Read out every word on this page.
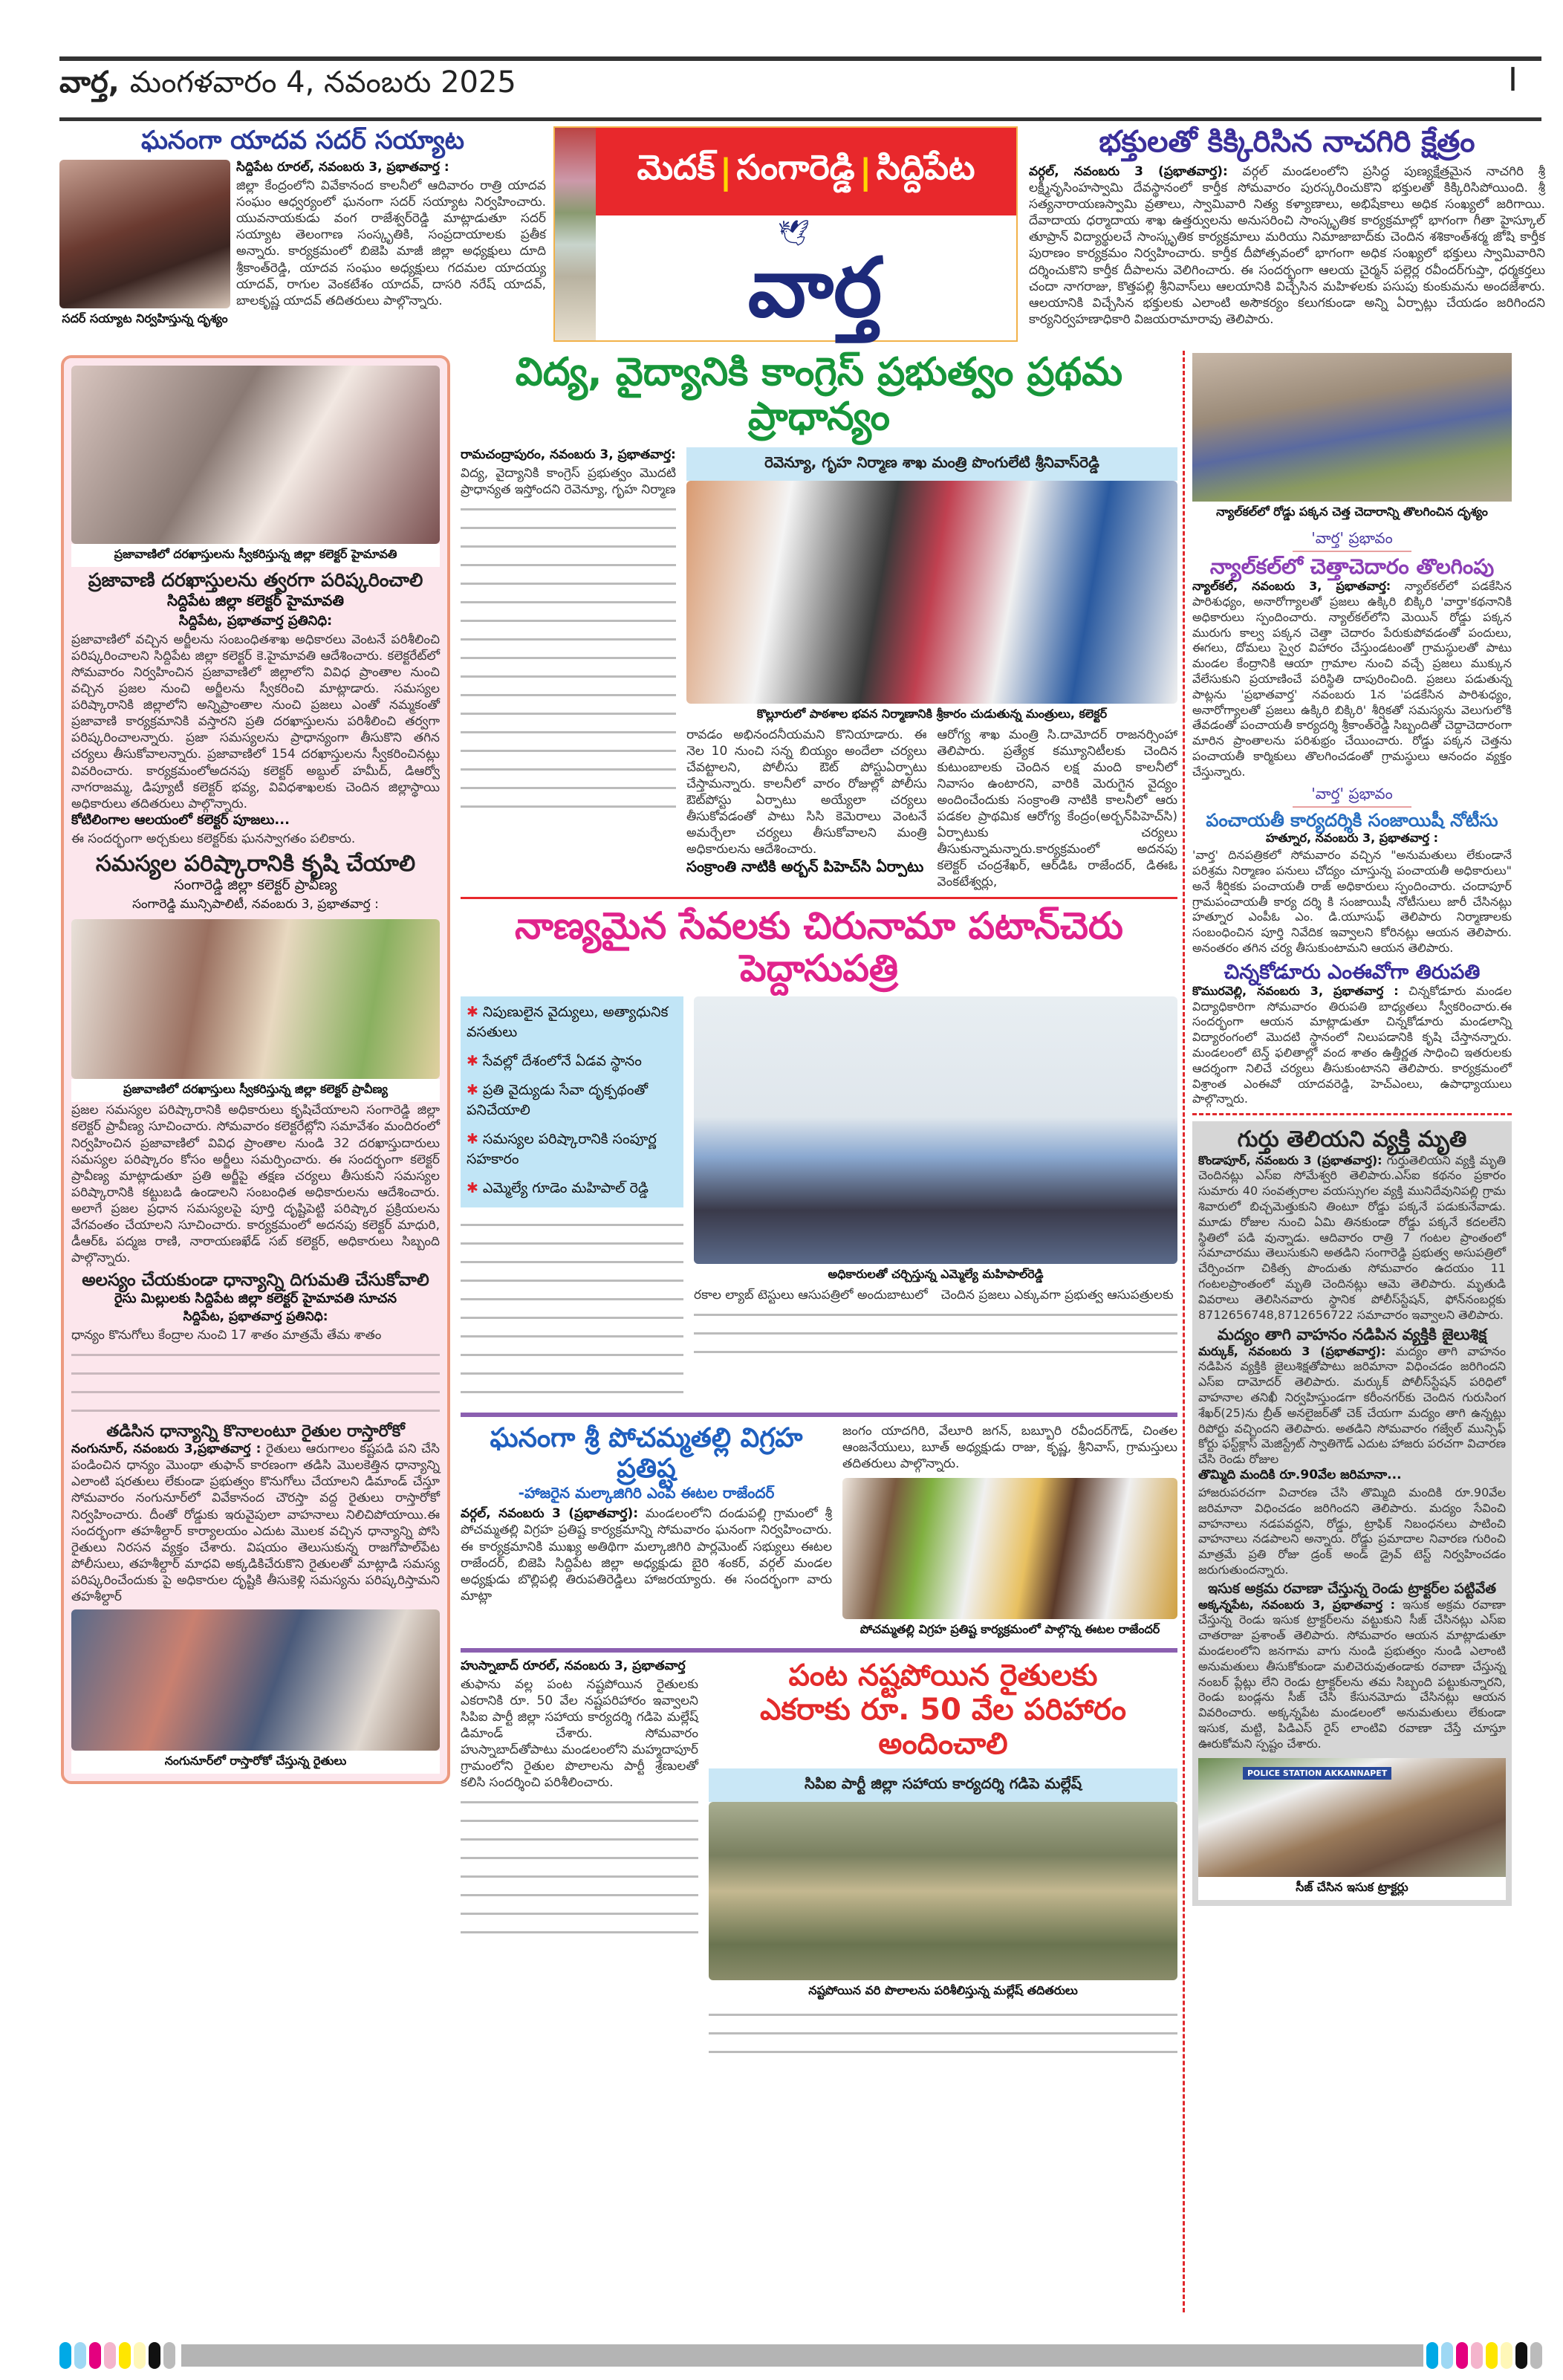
వార్త, మంగళవారం 4, నవంబరు 2025	I
ఘనంగా యాదవ సదర్ సయ్యాట
సదర్ సయ్యాట నిర్వహిస్తున్న దృశ్యం
సిద్దిపేట రూరల్, నవంబరు 3, ప్రభాతవార్త :
జిల్లా కేంద్రంలోని వివేకానంద కాలనీలో ఆదివారం రాత్రి యాదవ సంఘం ఆధ్వర్యంలో ఘనంగా సదర్ సయ్యాట నిర్వహించారు. యువనాయకుడు వంగ రాజేశ్వర్‌రెడ్డి మాట్లాడుతూ సదర్ సయ్యాట తెలంగాణ సంస్కృతికి, సంప్రదాయాలకు ప్రతీక అన్నారు. కార్యక్రమంలో బిజెపి మాజీ జిల్లా అధ్యక్షులు దూది శ్రీకాంత్‌రెడ్డి, యాదవ సంఘం అధ్యక్షులు గదమల యాదయ్య యాదవ్, రాగుల వెంకటేశం యాదవ్, దాసరి నరేష్ యాదవ్, బాలకృష్ణ యాదవ్ తదితరులు పాల్గొన్నారు.
మెదక్ | సంగారెడ్డి | సిద్దిపేట
🕊
వార్త
భక్తులతో కిక్కిరిసిన నాచగిరి క్షేత్రం
వర్గల్, నవంబరు 3 (ప్రభాతవార్త): వర్గల్ మండలంలోని ప్రసిద్ధ పుణ్యక్షేత్రమైన నాచగిరి శ్రీ లక్ష్మీనృసింహస్వామి దేవస్థానంలో కార్తీక సోమవారం పురస్కరించుకొని భక్తులతో కిక్కిరిసిపోయింది. శ్రీ సత్యనారాయణస్వామి వ్రతాలు, స్వామివారి నిత్య కళ్యాణాలు, అభిషేకాలు అధిక సంఖ్యలో జరిగాయి. దేవాదాయ ధర్మాదాయ శాఖ ఉత్తర్వులను అనుసరించి సాంస్కృతిక కార్యక్రమాల్లో భాగంగా గీతా హైస్కూల్ తూప్రాన్ విద్యార్థులచే సాంస్కృతిక కార్యక్రమాలు మరియు నిమాజాబాద్‌కు చెందిన శశికాంత్‌శర్మ జోషి కార్తీక పురాణం కార్యక్రమం నిర్వహించారు. కార్తీక దీపోత్సవంలో భాగంగా అధిక సంఖ్యలో భక్తులు స్వామివారిని దర్శించుకొని కార్తీక దీపాలను వెలిగించారు. ఈ సందర్భంగా ఆలయ చైర్మన్ పల్లెర్ల రవీందర్‌గుప్తా, ధర్మకర్తలు చందా నాగరాజు, కొత్తపల్లి శ్రీనివాస్‌లు ఆలయానికి విచ్చేసిన మహిళలకు పసుపు కుంకుమను అందజేశారు. ఆలయానికి విచ్చేసిన భక్తులకు ఎలాంటి అసౌకర్యం కలుగకుండా అన్ని ఏర్పాట్లు చేయడం జరిగిందని కార్యనిర్వహణాధికారి విజయరామారావు తెలిపారు.
ప్రజావాణిలో దరఖాస్తులను స్వీకరిస్తున్న జిల్లా కలెక్టర్ హైమావతి
ప్రజావాణి దరఖాస్తులను త్వరగా పరిష్కరించాలి
సిద్దిపేట జిల్లా కలెక్టర్ హైమావతి
సిద్దిపేట, ప్రభాతవార్త ప్రతినిధి:
ప్రజావాణిలో వచ్చిన అర్జీలను సంబంధితశాఖ అధికారలు వెంటనే పరిశీలించి పరిష్కరించాలని సిద్దిపేట జిల్లా కలెక్టర్ కె.హైమావతి ఆదేశించారు. కలెక్టరేట్‌లో సోమవారం నిర్వహించిన ప్రజావాణిలో జిల్లాలోని వివిధ ప్రాంతాల నుంచి వచ్చిన ప్రజల నుంచి అర్జీలను స్వీకరించి మాట్లాడారు. సమస్యల పరిష్కారానికి జిల్లాలోని అన్నిప్రాంతాల నుంచి ప్రజలు ఎంతో నమ్మకంతో ప్రజావాణి కార్యక్రమానికి వస్తారని ప్రతి దరఖాస్తులను పరిశీలించి తర్వగా పరిష్కరించాలన్నారు. ప్రజా సమస్యలను ప్రాధాన్యంగా తీసుకొని తగిన చర్యలు తీసుకోవాలన్నారు. ప్రజావాణిలో 154 దరఖాస్తులను స్వీకరించినట్లు వివరించారు. కార్యక్రమంలోఅదనపు కలెక్టర్ అబ్దుల్ హమీద్, డిఆర్వో నాగరాజమ్మ, డిప్యూటీ కలెక్టర్ భవ్య, వివిధశాఖలకు చెందిన జిల్లాస్థాయి అధికారులు తదితరులు పాల్గొన్నారు.
కోటిలింగాల ఆలయంలో కలెక్టర్ పూజలు...
ఈ సందర్భంగా అర్చకులు కలెక్టర్‌కు ఘనస్వాగతం పలికారు.
సమస్యల పరిష్కారానికి కృషి చేయాలి
సంగారెడ్డి జిల్లా కలెక్టర్ ప్రావీణ్య
సంగారెడ్డి మున్సిపాలిటీ, నవంబరు 3, ప్రభాతవార్త :
ప్రజావాణిలో దరఖాస్తులు స్వీకరిస్తున్న జిల్లా కలెక్టర్ ప్రావీణ్య
ప్రజల సమస్యల పరిష్కారానికి అధికారులు కృషిచేయాలని సంగారెడ్డి జిల్లా కలెక్టర్ ప్రావీణ్య సూచించారు. సోమవారం కలెక్టరేట్లోని సమావేశం మందిరంలో నిర్వహించిన ప్రజావాణిలో వివిధ ప్రాంతాల నుండి 32 దరఖాస్తుదారులు సమస్యల పరిష్కారం కోసం అర్జీలు సమర్పించారు. ఈ సందర్భంగా కలెక్టర్ ప్రావీణ్య మాట్లాడుతూ ప్రతి అర్జీపై తక్షణ చర్యలు తీసుకుని సమస్యల పరిష్కారానికి కట్టుబడి ఉండాలని సంబంధిత అధికారులను ఆదేశించారు. అలాగే ప్రజల ప్రధాన సమస్యలపై పూర్తి దృష్టిపెట్టి పరిష్కార ప్రక్రియలను వేగవంతం చేయాలని సూచించారు. కార్యక్రమంలో అదనపు కలెక్టర్ మాధురి, డీఆర్‌ఓ పద్మజ రాణి, నారాయణఖేడ్ సబ్ కలెక్టర్, అధికారులు సిబ్బంది పాల్గొన్నారు.
అలస్యం చేయకుండా ధాన్యాన్ని దిగుమతి చేసుకోవాలి
రైసు మిల్లులకు సిద్దిపేట జిల్లా కలెక్టర్ హైమావతి సూచన
సిద్దిపేట, ప్రభాతవార్త ప్రతినిధి:
ధాన్యం కొనుగోలు కేంద్రాల నుంచి 17 శాతం మాత్రమే తేమ శాతం
తడిసిన ధాన్యాన్ని కొనాలంటూ రైతుల రాస్తారోకో
నంగునూర్, నవంబరు 3,ప్రభాతవార్త : రైతులు ఆరుగాలం కష్టపడి పని చేసి పండించిన ధాన్యం మొంథా తుఫాన్ కారణంగా తడిసి మొలకెత్తిన ధాన్యాన్ని ఎలాంటి షరతులు లేకుండా ప్రభుత్వం కొనుగోలు చేయాలని డిమాండ్ చేస్తూ సోమవారం నంగునూర్‌లో వివేకానంద చౌరస్తా వద్ద రైతులు రాస్తారోకో నిర్వహించారు. దీంతో రోడ్డుకు ఇరువైపులా వాహనాలు నిలిచిపోయాయి.ఈ సందర్భంగా తహశీల్దార్ కార్యాలయం ఎదుట మొలక వచ్చిన ధాన్యాన్ని పోసి రైతులు నిరసన వ్యక్తం చేశారు. విషయం తెలుసుకున్న రాజగోపాల్‌పేట పోలీసులు, తహశీల్దార్ మాధవి అక్కడికిచేరుకొని రైతులతో మాట్లాడి సమస్య పరిష్కరించేందుకు పై అధికారుల దృష్టికి తీసుకెళ్లి సమస్యను పరిష్కరిస్తామని తహశీల్దార్
నంగునూర్‌లో రాస్తారోకో చేస్తున్న రైతులు
విద్య, వైద్యానికి కాంగ్రెస్ ప్రభుత్వం ప్రథమ ప్రాధాన్యం
రామచంద్రాపురం, నవంబరు 3, ప్రభాతవార్త:
విద్య, వైద్యానికి కాంగ్రెస్ ప్రభుత్వం మొదటి ప్రాధాన్యత ఇస్తోందని రెవెన్యూ, గృహ నిర్మాణ
రెవెన్యూ, గృహ నిర్మాణ శాఖ మంత్రి పొంగులేటి శ్రీనివాస్‌రెడ్డి
కొల్లూరులో పాఠశాల భవన నిర్మాణానికి శ్రీకారం చుడుతున్న మంత్రులు, కలెక్టర్
రావడం అభినందనీయమని కొనియాడారు. ఈ నెల 10 నుంచి సన్న బియ్యం అందేలా చర్యలు చేవట్టాలని, పోలీసు ఔట్ పోస్టుఏర్పాటు చేస్తామన్నారు. కాలనీలో వారం రోజుల్లో పోలీసు ఔట్‌పోస్టు ఏర్పాటు అయ్యేలా చర్యలు తీసుకోవడంతో పాటు సిసి కెమెరాలు వెంటనే అమర్చేలా చర్యలు తీసుకోవాలని మంత్రి అధికారులను ఆదేశించారు.
సంక్రాంతి నాటికి అర్బన్ పిహెచ్‌సి ఏర్పాటు
ఆరోగ్య శాఖ మంత్రి సి.దామోదర్ రాజనర్సింహా తెలిపారు. ప్రత్యేక కమ్యూనిటీలకు చెందిన కుటుంబాలకు చెందిన లక్ష మంది కాలనీలో నివాసం ఉంటారని, వారికి మెరుగైన వైద్యం అందించేందుకు సంక్రాంతి నాటికి కాలనీలో ఆరు పడకల ప్రాథమిక ఆరోగ్య కేంద్రం(అర్బన్‌పిహెచ్‌సి) ఏర్పాటుకు చర్యలు తీసుకున్నామన్నారు.కార్యక్రమంలో అదనపు కలెక్టర్ చంద్రశేఖర్, ఆర్‌డిఓ రాజేందర్, డిఈఓ వెంకటేశ్వర్లు,
నాణ్యమైన సేవలకు చిరునామా పటాన్‌చెరు పెద్దాసుపత్రి
✱ నిపుణులైన వైద్యులు, అత్యాధునిక వసతులు
✱ సేవల్లో దేశంలోనే ఏడవ స్థానం
✱ ప్రతి వైద్యుడు సేవా దృక్పథంతో పనిచేయాలి
✱ సమస్యల పరిష్కారానికి సంపూర్ణ సహకారం
✱ ఎమ్మెల్యే గూడెం మహిపాల్ రెడ్డి
అధికారులతో చర్చిస్తున్న ఎమ్మెల్యే మహిపాల్‌రెడ్డి
రకాల ల్యాబ్ టెస్టులు ఆసుపత్రిలో అందుబాటులో చెందిన ప్రజలు ఎక్కువగా ప్రభుత్వ ఆసుపత్రులకు
ఘనంగా శ్రీ పోచమ్మతల్లి విగ్రహ ప్రతిష్ట
-హాజరైన మల్కాజిగిరి ఎంపి ఈటల రాజేందర్
వర్గల్, నవంబరు 3 (ప్రభాతవార్త): మండలంలోని దండుపల్లి గ్రామంలో శ్రీ పోచమ్మతల్లి విగ్రహ ప్రతిష్ట కార్యక్రమాన్ని సోమవారం ఘనంగా నిర్వహించారు. ఈ కార్యక్రమానికి ముఖ్య అతిథిగా మల్కాజిగిరి పార్లమెంట్ సభ్యులు ఈటల రాజేందర్, బిజెపి సిద్దిపేట జిల్లా అధ్యక్షుడు బైరి శంకర్, వర్గల్ మండల అధ్యక్షుడు బొల్లిపల్లి తిరుపతిరెడ్డిలు హాజరయ్యారు. ఈ సందర్భంగా వారు మాట్లా
జంగం యాదగిరి, వేలూరి జగన్, బబ్బూరి రవీందర్‌గౌడ్, చింతల ఆంజనేయులు, బూత్ అధ్యక్షుడు రాజు, కృష్ణ, శ్రీనివాస్, గ్రామస్తులు తదితరులు పాల్గొన్నారు.
పోచమ్మతల్లి విగ్రహ ప్రతిష్ట కార్యక్రమంలో పాల్గొన్న ఈటల రాజేందర్
హుస్నాబాద్ రూరల్, నవంబరు 3, ప్రభాతవార్త
తుఫాను వల్ల పంట నష్టపోయిన రైతులకు ఎకరానికి రూ. 50 వేల నష్టపరిహారం ఇవ్వాలని సిపిఐ పార్టీ జిల్లా సహాయ కార్యదర్శి గడిపె మల్లేష్ డిమాండ్ చేశారు. సోమవారం హుస్నాబాద్‌తోపాటు మండలంలోని మహ్మదాపూర్ గ్రామంలోని రైతుల పొలాలను పార్టీ శ్రేణులతో కలిసి సందర్శించి పరిశీలించారు.
పంట నష్టపోయిన రైతులకు
ఎకరాకు రూ. 50 వేల పరిహారం అందించాలి
సిపిఐ పార్టీ జిల్లా సహాయ కార్యదర్శి గడిపె మల్లేష్
నష్టపోయిన వరి పొలాలను పరిశీలిస్తున్న మల్లేష్ తదితరులు
న్యాల్‌కల్‌లో రోడ్డు పక్కన చెత్త చెదారాన్ని తొలగించిన దృశ్యం
'వార్త' ప్రభావం
న్యాల్‌కల్‌లో చెత్తాచెదారం తొలగింపు
న్యాల్‌కల్, నవంబరు 3, ప్రభాతవార్త: న్యాల్‌కల్‌లో పడకేసిన పారిశుధ్యం, అనారోగ్యాలతో ప్రజలు ఉక్కిరి బిక్కిరి 'వార్తా'కథనానికి అధికారులు స్పందించారు. న్యాల్‌కల్‌లోని మెయిన్ రోడ్డు పక్కన మురుగు కాల్వ పక్కన చెత్తా చెదారం పేరుకుపోవడంతో పందులు, ఈగలు, దోమలు స్వైర విహారం చేస్తుండటంతో గ్రామస్థులతో పాటు మండల కేంద్రానికి ఆయా గ్రామాల నుంచి వచ్చే ప్రజలు ముక్కున వేలేసుకుని ప్రయాణించే పరిస్థితి దాపురించింది. ప్రజలు పడుతున్న పాట్లను 'ప్రభాతవార్త' నవంబరు 1న 'పడకేసిన పారిశుధ్యం, అనారోగ్యాలతో ప్రజలు ఉక్కిరి బిక్కిరి' శీర్షికతో సమస్యను వెలుగులోకి తేవడంతో పంచాయతీ కార్యదర్శి శ్రీకాంత్‌రెడ్డి సిబ్బందితో చెద్దాచెదారంగా మారిన ప్రాంతాలను పరిశుభ్రం చేయించారు. రోడ్డు పక్కన చెత్తను పంచాయతీ కార్మికులు తొలగించడంతో గ్రామస్థులు ఆనందం వ్యక్తం చేస్తున్నారు.
'వార్త' ప్రభావం
పంచాయతీ కార్యదర్శికి సంజాయిషీ నోటీసు
హత్నూర, నవంబరు 3, ప్రభాతవార్త :
'వార్త' దినపత్రికలో సోమవారం వచ్చిన "అనుమతులు లేకుండానే పరిశ్రమ నిర్మాణం పనులు చోద్యం చూస్తున్న పంచాయతీ అధికారులు" అనే శీర్షికకు పంచాయతీ రాజ్ అధికారులు స్పందించారు. చందాపూర్ గ్రామపంచాయతీ కార్య దర్శి కి సంజాయిషీ నోటీసులు జారీ చేసినట్లు హత్నూర ఎంపీఓ ఎం. డి.యూసుఫ్ తెలిపారు నిర్మాణాలకు సంబంధించిన పూర్తి నివేదిక ఇవ్వాలని కోరినట్లు ఆయన తెలిపారు. అనంతరం తగిన చర్య తీసుకుంటామని ఆయన తెలిపారు.
చిన్నకోడూరు ఎంఈవోగా తిరుపతి
కొమురవెల్లి, నవంబరు 3, ప్రభాతవార్త : చిన్నకోడూరు మండల విద్యాధికారిగా సోమవారం తిరుపతి బాధ్యతలు స్వీకరించారు.ఈ సందర్భంగా ఆయన మాట్లాడుతూ చిన్నకోడూరు మండలాన్ని విద్యారంగంలో మొదటి స్థానంలో నిలుపడానికి కృషి చేస్తానన్నారు. మండలంలో టెన్త్ ఫలితాల్లో వంద శాతం ఉత్తీర్ణత సాధించి ఇతరులకు ఆదర్శంగా నిలిచే చర్యలు తీసుకుంటానని తెలిపారు. కార్యక్రమంలో విశ్రాంత ఎంఈవో యాదవరెడ్డి, హెచ్‌ఎంలు, ఉపాధ్యాయులు పాల్గొన్నారు.
గుర్తు తెలియని వ్యక్తి మృతి
కొండాపూర్, నవంబరు 3 (ప్రభాతవార్త): గుర్తుతెలియని వ్యక్తి మృతి చెందినట్లు ఎస్‌ఐ సోమేశ్వరి తెలిపారు.ఎస్‌ఐ కథనం ప్రకారం సుమారు 40 సంవత్సరాల వయస్సుగల వ్యక్తి మునిదేవునిపల్లి గ్రామ శివారులో బిచ్చమెత్తుకుని తింటూ రోడ్డు పక్కనే పడుకునేవాడు. మూడు రోజుల నుంచి ఏమి తినకుండా రోడ్డు పక్కనే కదలలేని స్థితిలో పడి వున్నాడు. ఆదివారం రాత్రి 7 గంటల ప్రాంతంలో సమాచారము తెలుసుకుని అతడిని సంగారెడ్డి ప్రభుత్వ అసుపత్రిలో చేర్పించగా చికిత్స పొందుతు సోమవారం ఉదయం 11 గంటలప్రాంతంలో మృతి చెందినట్లు ఆమె తెలిపారు. మృతుడి వివరాలు తెలిసినవారు స్థానిక పోలీస్‌స్టేషన్, ఫోన్‌నంబర్లకు 8712656748,8712656722 సమాచారం ఇవ్వాలని తెలిపారు.
మద్యం తాగి వాహనం నడిపిన వ్యక్తికి జైలుశిక్ష
మర్కుక్, నవంబరు 3 (ప్రభాతవార్త): మద్యం తాగి వాహనం నడిపిన వ్యక్తికి జైలుశిక్షతోపాటు జరిమానా విధించడం జరిగిందని ఎస్‌ఐ దామోదర్ తెలిపారు. మర్కుక్ పోలీస్‌స్టేషన్ పరిధిలో వాహనాల తనిఖీ నిర్వహిస్తుండగా కరీంనగర్‌కు చెందిన గురుసింగ శేఖర్(25)ను బ్రీత్ అనలైజర్‌తో చెక్ చేయగా మద్యం తాగి ఉన్నట్లు రిపోర్టు వచ్చిందని తెలిపారు. అతడిని సోమవారం గజ్వేల్ మున్సిఫ్ కోర్టు ఫస్ట్‌క్లాస్ మెజిస్ట్రేట్ స్వాతిగౌడ్ ఎదుట హాజరు పరచగా విచారణ చేసి రెండు రోజుల
తొమ్మిది మందికి రూ.90వేల జరిమానా...
హాజరుపరచగా విచారణ చేసి తొమ్మిది మందికి రూ.90వేల జరిమానా విధించడం జరిగిందని తెలిపారు. మద్యం సేవించి వాహనాలు నడపవద్దని, రోడ్డు, ట్రాఫిక్ నిబంధనలు పాటించి వాహనాలు నడపాలని అన్నారు. రోడ్డు ప్రమాదాల నివారణ గురించి మాత్రమే ప్రతి రోజు డ్రంక్ అండ్ డ్రైవ్ టెస్ట్ నిర్వహించడం జరుగుతుందన్నారు.
ఇసుక అక్రమ రవాణా చేస్తున్న రెండు ట్రాక్టర్‌ల పట్టివేత
అక్కన్నపేట, నవంబరు 3, ప్రభాతవార్త : ఇసుక అక్రమ రవాణా చేస్తున్న రెండు ఇసుక ట్రాక్టర్‌లను వట్టుకుని సీజ్ చేసినట్లు ఎస్‌ఐ చాతరాజు ప్రశాంత్ తెలిపారు. సోమవారం ఆయన మాట్లాడుతూ మండలంలోని జనగామ వాగు నుండి ప్రభుత్వం నుండి ఎలాంటి అనుమతులు తీసుకోకుండా మలిచెరువుతండాకు రవాణా చేస్తున్న నంబర్ ప్లేట్లు లేని రెండు ట్రాక్టర్‌లను తమ సిబ్బంది పట్టుకున్నారని, రెండు బండ్లను సీజ్ చేసి కేసునమోదు చేసినట్లు ఆయన వివరించారు. అక్కన్నపేట మండలంలో అనుమతులు లేకుండా ఇసుక, మట్టి, పిడిఎస్ రైస్ లాంటివి రవాణా చేస్తే చూస్తూ ఊరుకోమని స్పష్టం చేశారు.
POLICE STATION AKKANNAPET
సీజ్ చేసిన ఇసుక ట్రాక్టర్లు
